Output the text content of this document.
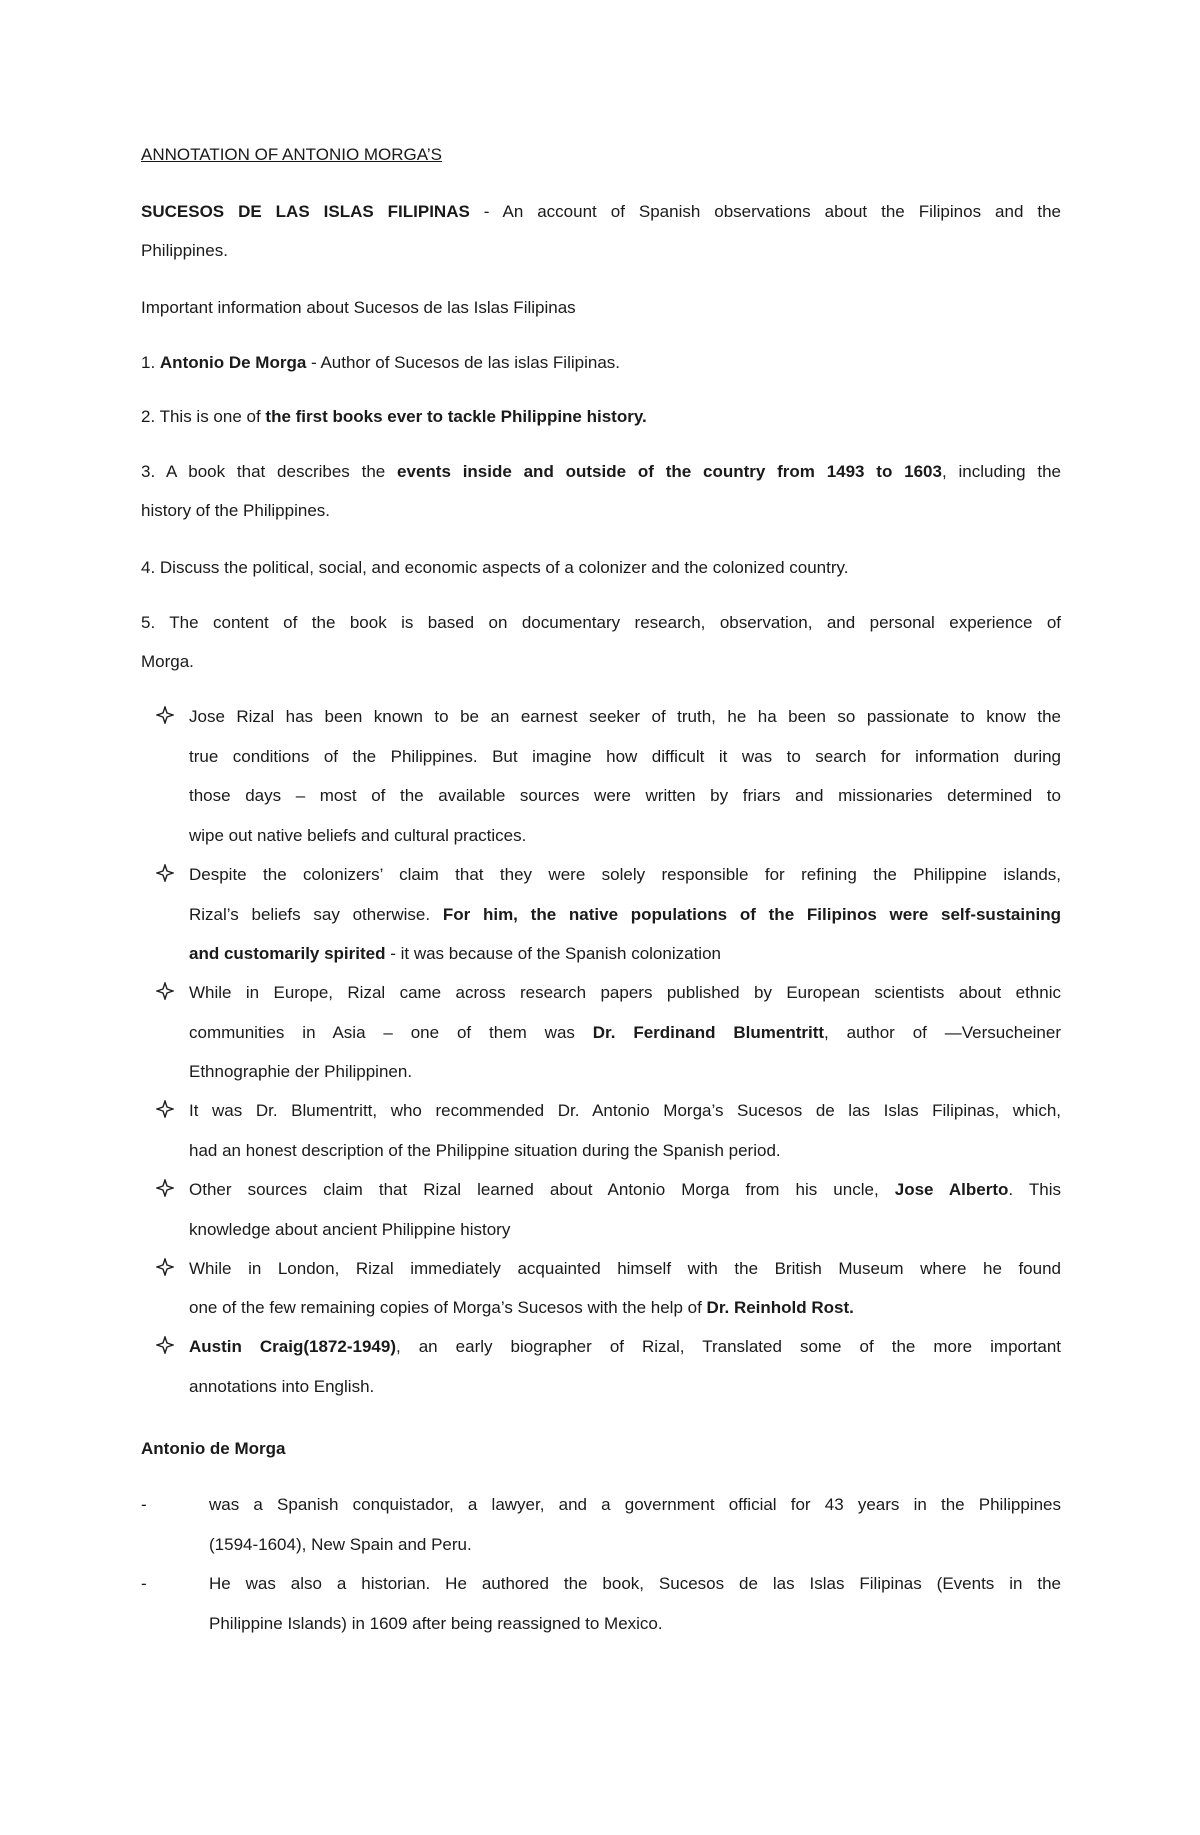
ANNOTATION OF ANTONIO MORGA’S
SUCESOS DE LAS ISLAS FILIPINAS - An account of Spanish observations about the Filipinos and the
Philippines.
Important information about Sucesos de las Islas Filipinas
1. Antonio De Morga - Author of Sucesos de las islas Filipinas.
2. This is one of the first books ever to tackle Philippine history.
3. A book that describes the events inside and outside of the country from 1493 to 1603, including the
history of the Philippines.
4. Discuss the political, social, and economic aspects of a colonizer and the colonized country.
5. The content of the book is based on documentary research, observation, and personal experience of
Morga.
Jose Rizal has been known to be an earnest seeker of truth, he ha been so passionate to know the
true conditions of the Philippines. But imagine how difficult it was to search for information during
those days – most of the available sources were written by friars and missionaries determined to
wipe out native beliefs and cultural practices.
Despite the colonizers’ claim that they were solely responsible for refining the Philippine islands,
Rizal’s beliefs say otherwise. For him, the native populations of the Filipinos were self-sustaining
and customarily spirited - it was because of the Spanish colonization
While in Europe, Rizal came across research papers published by European scientists about ethnic
communities in Asia – one of them was Dr. Ferdinand Blumentritt, author of ―Versucheiner
Ethnographie der Philippinen.
It was Dr. Blumentritt, who recommended Dr. Antonio Morga’s Sucesos de las Islas Filipinas, which,
had an honest description of the Philippine situation during the Spanish period.
Other sources claim that Rizal learned about Antonio Morga from his uncle, Jose Alberto. This
knowledge about ancient Philippine history
While in London, Rizal immediately acquainted himself with the British Museum where he found
one of the few remaining copies of Morga’s Sucesos with the help of Dr. Reinhold Rost.
Austin Craig(1872-1949), an early biographer of Rizal, Translated some of the more important
annotations into English.
Antonio de Morga
-	was a Spanish conquistador, a lawyer, and a government official for 43 years in the Philippines
(1594-1604), New Spain and Peru.
-	He was also a historian. He authored the book, Sucesos de las Islas Filipinas (Events in the
Philippine Islands) in 1609 after being reassigned to Mexico.
